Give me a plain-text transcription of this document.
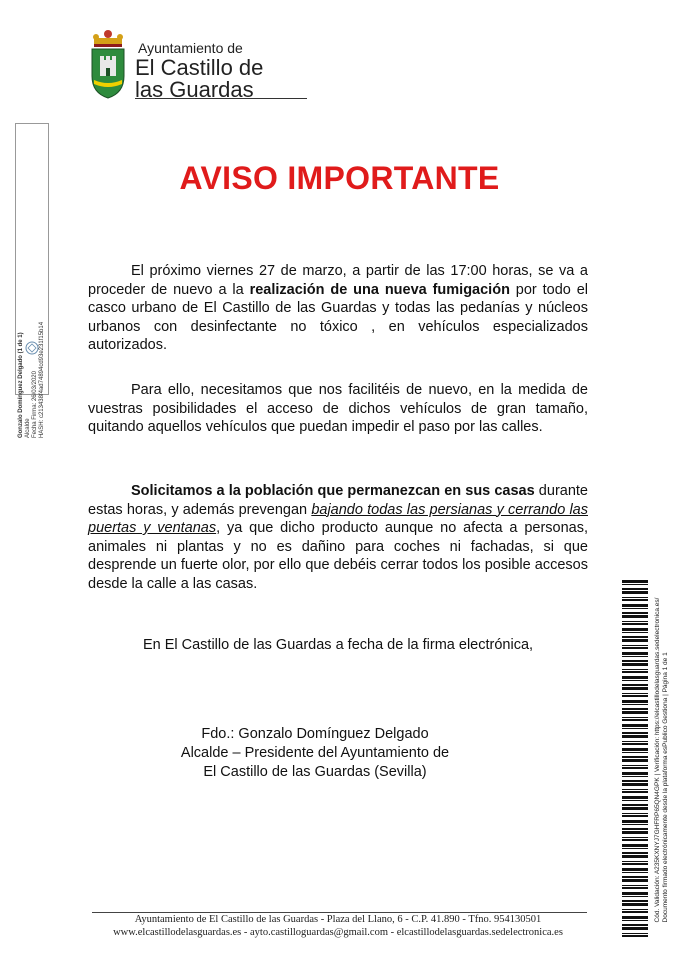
Ayuntamiento de
El Castillo de
las Guardas
Gonzalo Domínguez Delgado (1 de 1) Alcalde Fecha Firma: 26/03/2020 HASH: c213438f4ad74894cd93e231f15b14
AVISO IMPORTANTE
El próximo viernes 27 de marzo, a partir de las 17:00 horas, se va a proceder de nuevo a la realización de una nueva fumigación por todo el casco urbano de El Castillo de las Guardas y todas las pedanías y núcleos urbanos con desinfectante no tóxico , en vehículos especializados autorizados.
Para ello, necesitamos que nos facilitéis de nuevo, en la medida de vuestras posibilidades el acceso de dichos vehículos de gran tamaño, quitando aquellos vehículos que puedan impedir el paso por las calles.
Solicitamos a la población que permanezcan en sus casas durante estas horas, y además prevengan bajando todas las persianas y cerrando las puertas y ventanas, ya que dicho producto aunque no afecta a personas, animales ni plantas y no es dañino para coches ni fachadas, si que desprende un fuerte olor, por ello que debéis cerrar todos los posible accesos desde la calle a las casas.
En El Castillo de las Guardas a fecha de la firma electrónica,
Fdo.: Gonzalo Domínguez Delgado
Alcalde – Presidente del Ayuntamiento de
El Castillo de las Guardas (Sevilla)	Cód. Validación: A235KXNYJ7GHFRP65QN4GPK | Verificación: https://elcastillodelasguardas.sedelectronica.es/ Documento firmado electrónicamente desde la plataforma esPublico Gestiona | Página 1 de 1
Ayuntamiento de El Castillo de las Guardas - Plaza del Llano, 6 - C.P. 41.890 - Tfno. 954130501
www.elcastillodelasguardas.es - ayto.castilloguardas@gmail.com - elcastillodelasguardas.sedelectronica.es
